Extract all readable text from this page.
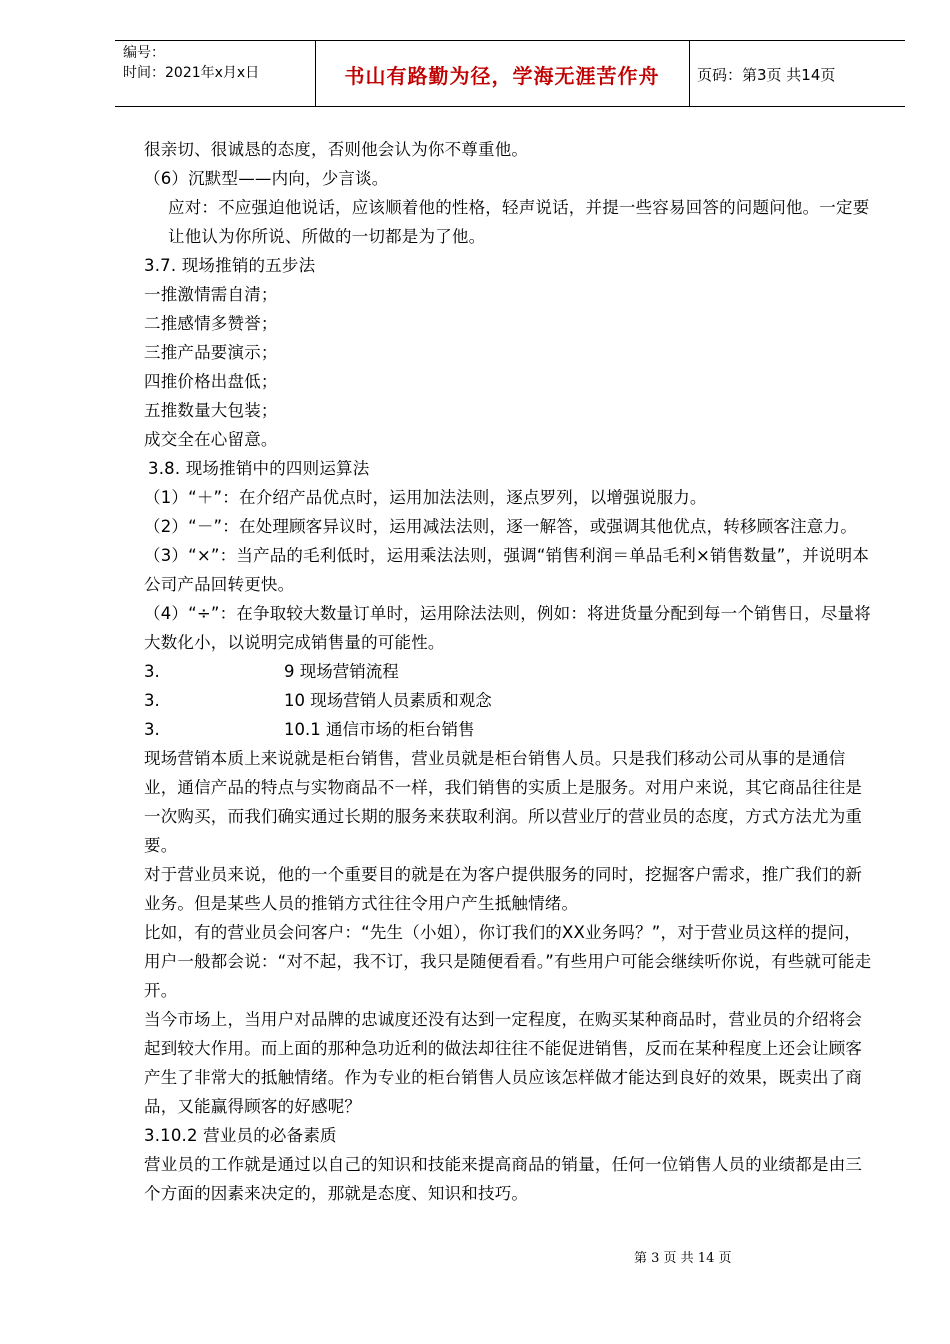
编号：
时间：2021年x月x日	书山有路勤为径，学海无涯苦作舟	页码：第3页 共14页

很亲切、很诚恳的态度，否则他会认为你不尊重他。

（6）沉默型——内向，少言谈。

应对：不应强迫他说话，应该顺着他的性格，轻声说话，并提一些容易回答的问题问他。一定要让他认为你所说、所做的一切都是为了他。

3.7. 现场推销的五步法

一推激情需自清；

二推感情多赞誉；

三推产品要演示；

四推价格出盘低；

五推数量大包装；

成交全在心留意。

3.8. 现场推销中的四则运算法

（1）“＋”：在介绍产品优点时，运用加法法则，逐点罗列，以增强说服力。

（2）“－”：在处理顾客异议时，运用减法法则，逐一解答，或强调其他优点，转移顾客注意力。

（3）“×”：当产品的毛利低时，运用乘法法则，强调“销售利润＝单品毛利×销售数量”，并说明本公司产品回转更快。

（4）“÷”：在争取较大数量订单时，运用除法法则，例如：将进货量分配到每一个销售日，尽量将大数化小，以说明完成销售量的可能性。

3.	9 现场营销流程
3.	10 现场营销人员素质和观念
3.	10.1 通信市场的柜台销售

现场营销本质上来说就是柜台销售，营业员就是柜台销售人员。只是我们移动公司从事的是通信业，通信产品的特点与实物商品不一样，我们销售的实质上是服务。对用户来说，其它商品往往是一次购买，而我们确实通过长期的服务来获取利润。所以营业厅的营业员的态度，方式方法尤为重要。

对于营业员来说，他的一个重要目的就是在为客户提供服务的同时，挖掘客户需求，推广我们的新业务。但是某些人员的推销方式往往令用户产生抵触情绪。

比如，有的营业员会问客户：“先生（小姐），你订我们的XX业务吗？”，对于营业员这样的提问，用户一般都会说：“对不起，我不订，我只是随便看看。”有些用户可能会继续听你说，有些就可能走开。

当今市场上，当用户对品牌的忠诚度还没有达到一定程度，在购买某种商品时，营业员的介绍将会起到较大作用。而上面的那种急功近利的做法却往往不能促进销售，反而在某种程度上还会让顾客产生了非常大的抵触情绪。作为专业的柜台销售人员应该怎样做才能达到良好的效果，既卖出了商品，又能赢得顾客的好感呢？

3.10.2 营业员的必备素质

营业员的工作就是通过以自己的知识和技能来提高商品的销量，任何一位销售人员的业绩都是由三个方面的因素来决定的，那就是态度、知识和技巧。

第 3 页 共 14 页
